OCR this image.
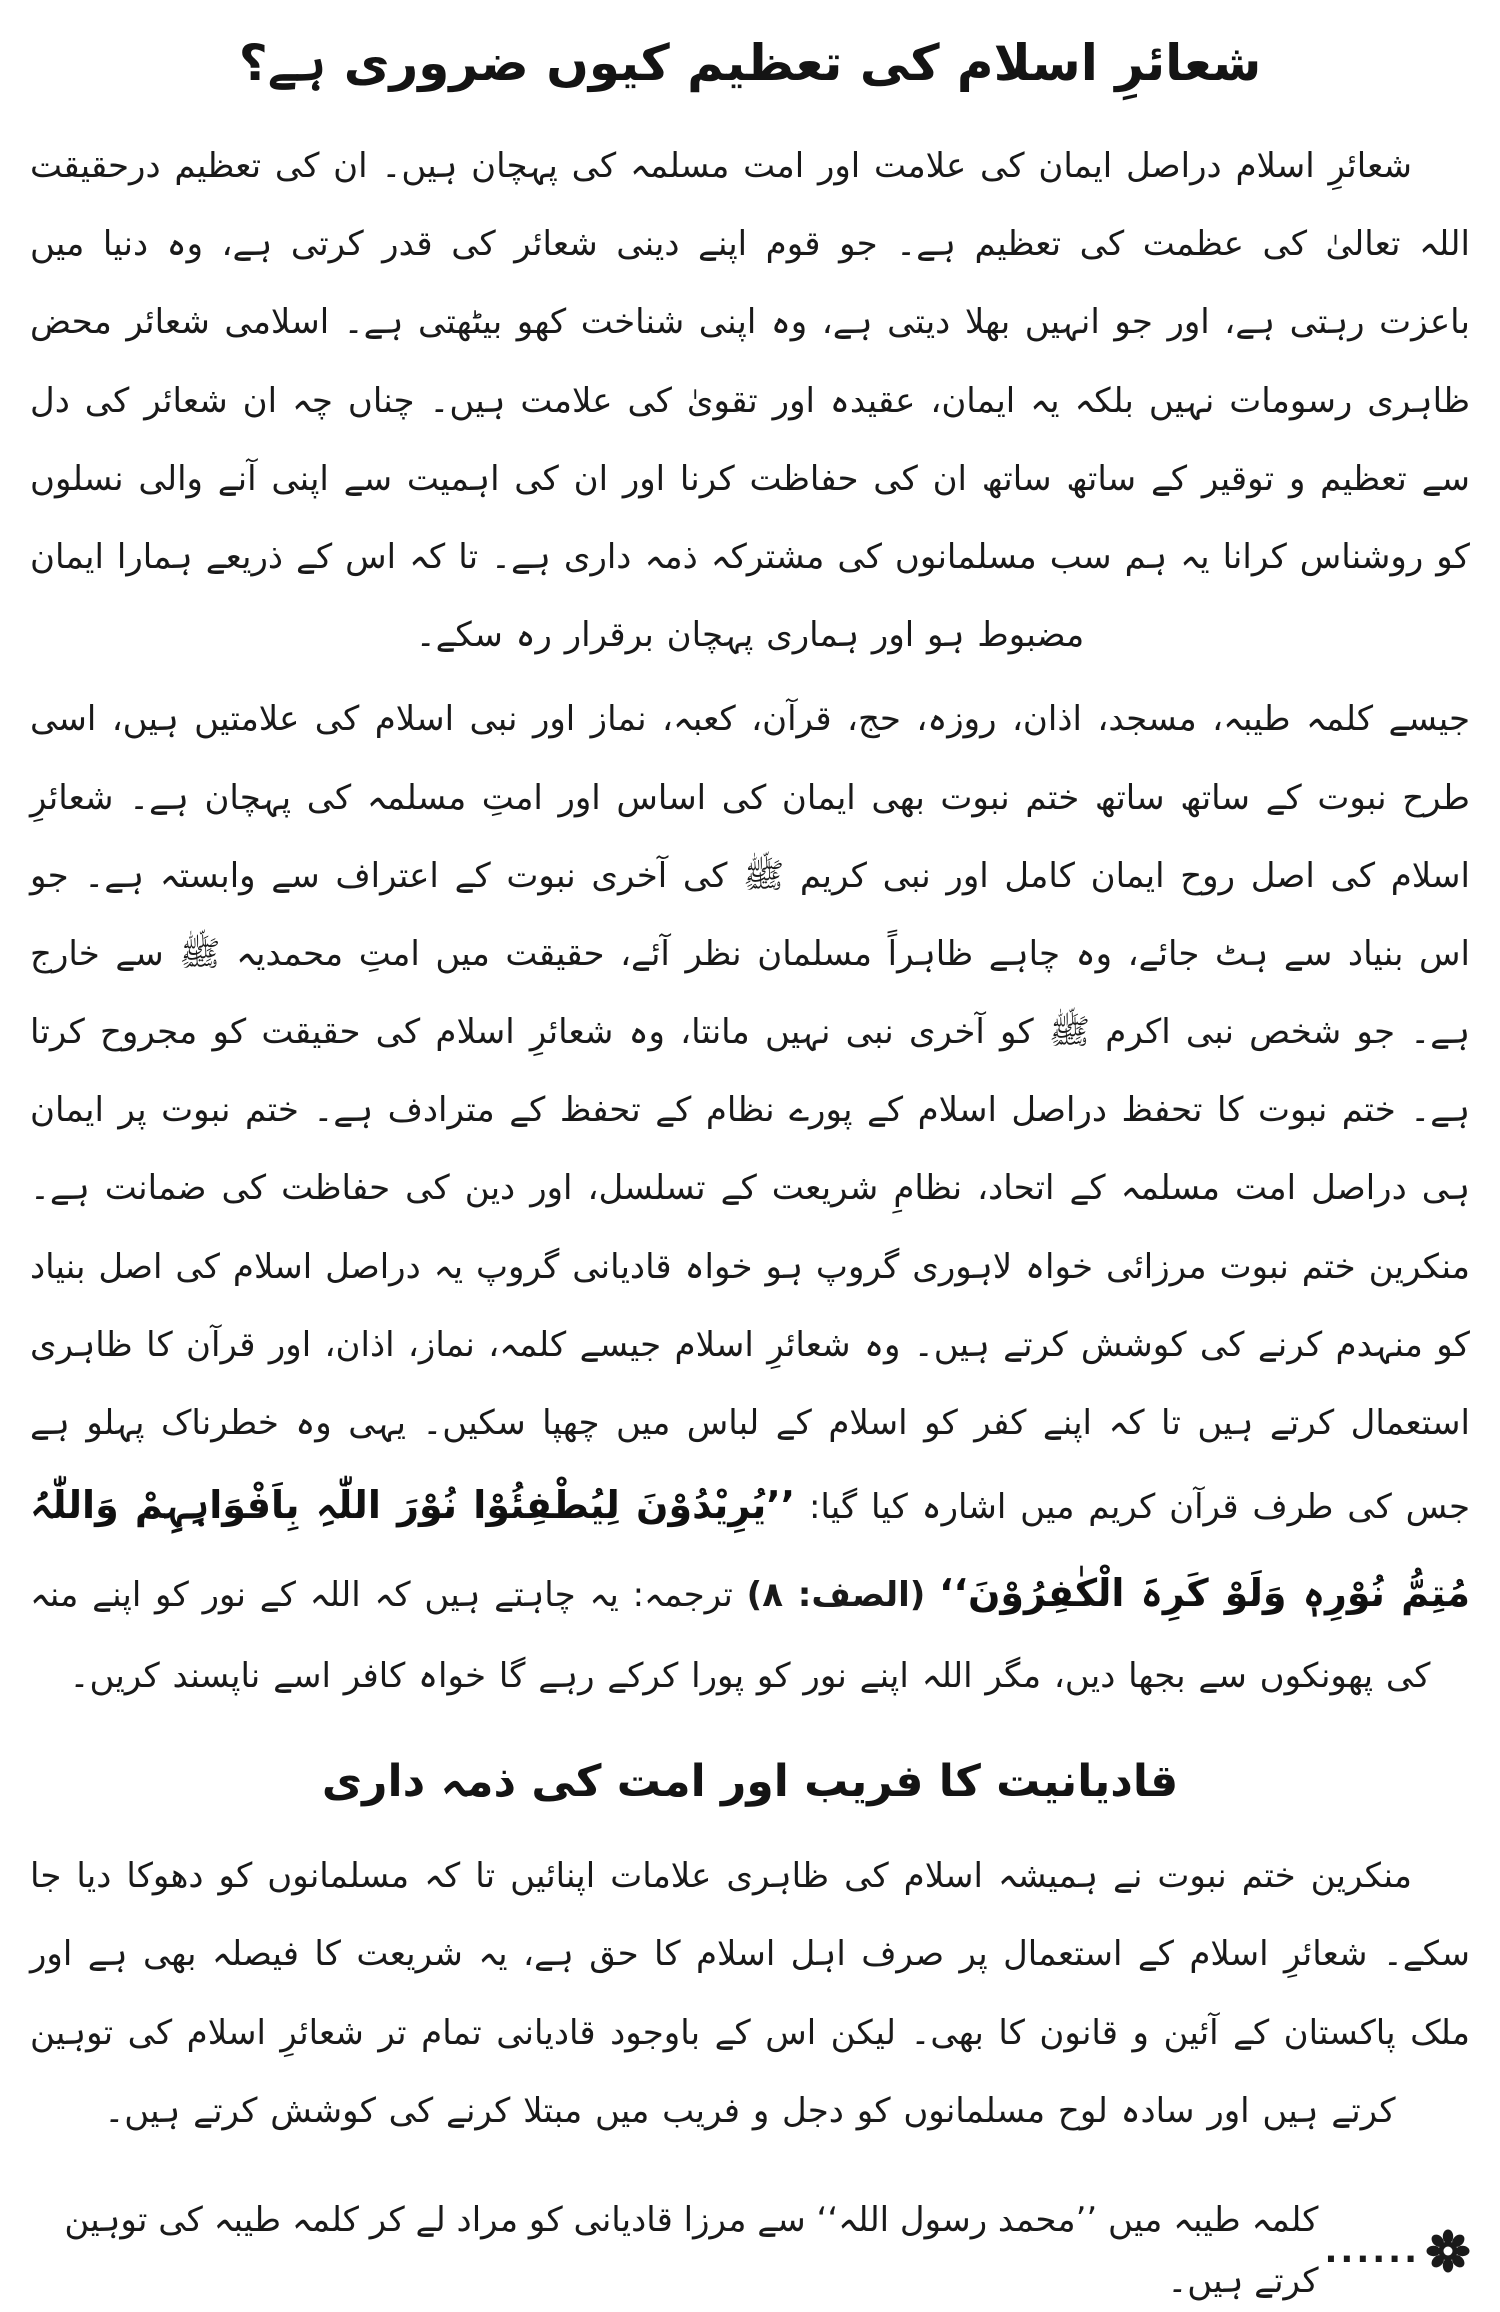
شعائرِ اسلام کی تعظیم کیوں ضروری ہے؟

شعائرِ اسلام دراصل ایمان کی علامت اور امت مسلمہ کی پہچان ہیں۔ ان کی تعظیم درحقیقت اللہ تعالیٰ کی عظمت کی تعظیم ہے۔ جو قوم اپنے دینی شعائر کی قدر کرتی ہے، وہ دنیا میں باعزت رہتی ہے، اور جو انہیں بھلا دیتی ہے، وہ اپنی شناخت کھو بیٹھتی ہے۔ اسلامی شعائر محض ظاہری رسومات نہیں بلکہ یہ ایمان، عقیدہ اور تقویٰ کی علامت ہیں۔ چناں چہ ان شعائر کی دل سے تعظیم و توقیر کے ساتھ ساتھ ان کی حفاظت کرنا اور ان کی اہمیت سے اپنی آنے والی نسلوں کو روشناس کرانا یہ ہم سب مسلمانوں کی مشترکہ ذمہ داری ہے۔ تا کہ اس کے ذریعے ہمارا ایمان مضبوط ہو اور ہماری پہچان برقرار رہ سکے۔

جیسے کلمہ طیبہ، مسجد، اذان، روزہ، حج، قرآن، کعبہ، نماز اور نبی اسلام کی علامتیں ہیں، اسی طرح نبوت کے ساتھ ساتھ ختم نبوت بھی ایمان کی اساس اور امتِ مسلمہ کی پہچان ہے۔ شعائرِ اسلام کی اصل روح ایمان کامل اور نبی کریم ﷺ کی آخری نبوت کے اعتراف سے وابستہ ہے۔ جو اس بنیاد سے ہٹ جائے، وہ چاہے ظاہراً مسلمان نظر آئے، حقیقت میں امتِ محمدیہ ﷺ سے خارج ہے۔ جو شخص نبی اکرم ﷺ کو آخری نبی نہیں مانتا، وہ شعائرِ اسلام کی حقیقت کو مجروح کرتا ہے۔ ختم نبوت کا تحفظ دراصل اسلام کے پورے نظام کے تحفظ کے مترادف ہے۔ ختم نبوت پر ایمان ہی دراصل امت مسلمہ کے اتحاد، نظامِ شریعت کے تسلسل، اور دین کی حفاظت کی ضمانت ہے۔ منکرین ختم نبوت مرزائی خواہ لاہوری گروپ ہو خواہ قادیانی گروپ یہ دراصل اسلام کی اصل بنیاد کو منہدم کرنے کی کوشش کرتے ہیں۔ وہ شعائرِ اسلام جیسے کلمہ، نماز، اذان، اور قرآن کا ظاہری استعمال کرتے ہیں تا کہ اپنے کفر کو اسلام کے لباس میں چھپا سکیں۔ یہی وہ خطرناک پہلو ہے جس کی طرف قرآن کریم میں اشارہ کیا گیا: ’’یُرِیْدُوْنَ لِیُطْفِئُوْا نُوْرَ اللّٰہِ بِاَفْوَاہِہِمْ وَاللّٰہُ مُتِمُّ نُوْرِہٖ وَلَوْ کَرِہَ الْکٰفِرُوْنَ‘‘ (الصف: ۸) ترجمہ: یہ چاہتے ہیں کہ اللہ کے نور کو اپنے منہ کی پھونکوں سے بجھا دیں، مگر اللہ اپنے نور کو پورا کرکے رہے گا خواہ کافر اسے ناپسند کریں۔

قادیانیت کا فریب اور امت کی ذمہ داری

منکرین ختم نبوت نے ہمیشہ اسلام کی ظاہری علامات اپنائیں تا کہ مسلمانوں کو دھوکا دیا جا سکے۔ شعائرِ اسلام کے استعمال پر صرف اہل اسلام کا حق ہے، یہ شریعت کا فیصلہ بھی ہے اور ملک پاکستان کے آئین و قانون کا بھی۔ لیکن اس کے باوجود قادیانی تمام تر شعائرِ اسلام کی توہین کرتے ہیں اور سادہ لوح مسلمانوں کو دجل و فریب میں مبتلا کرنے کی کوشش کرتے ہیں۔

......
کلمہ طیبہ میں ’’محمد رسول اللہ‘‘ سے مرزا قادیانی کو مراد لے کر کلمہ طیبہ کی توہین کرتے ہیں۔
